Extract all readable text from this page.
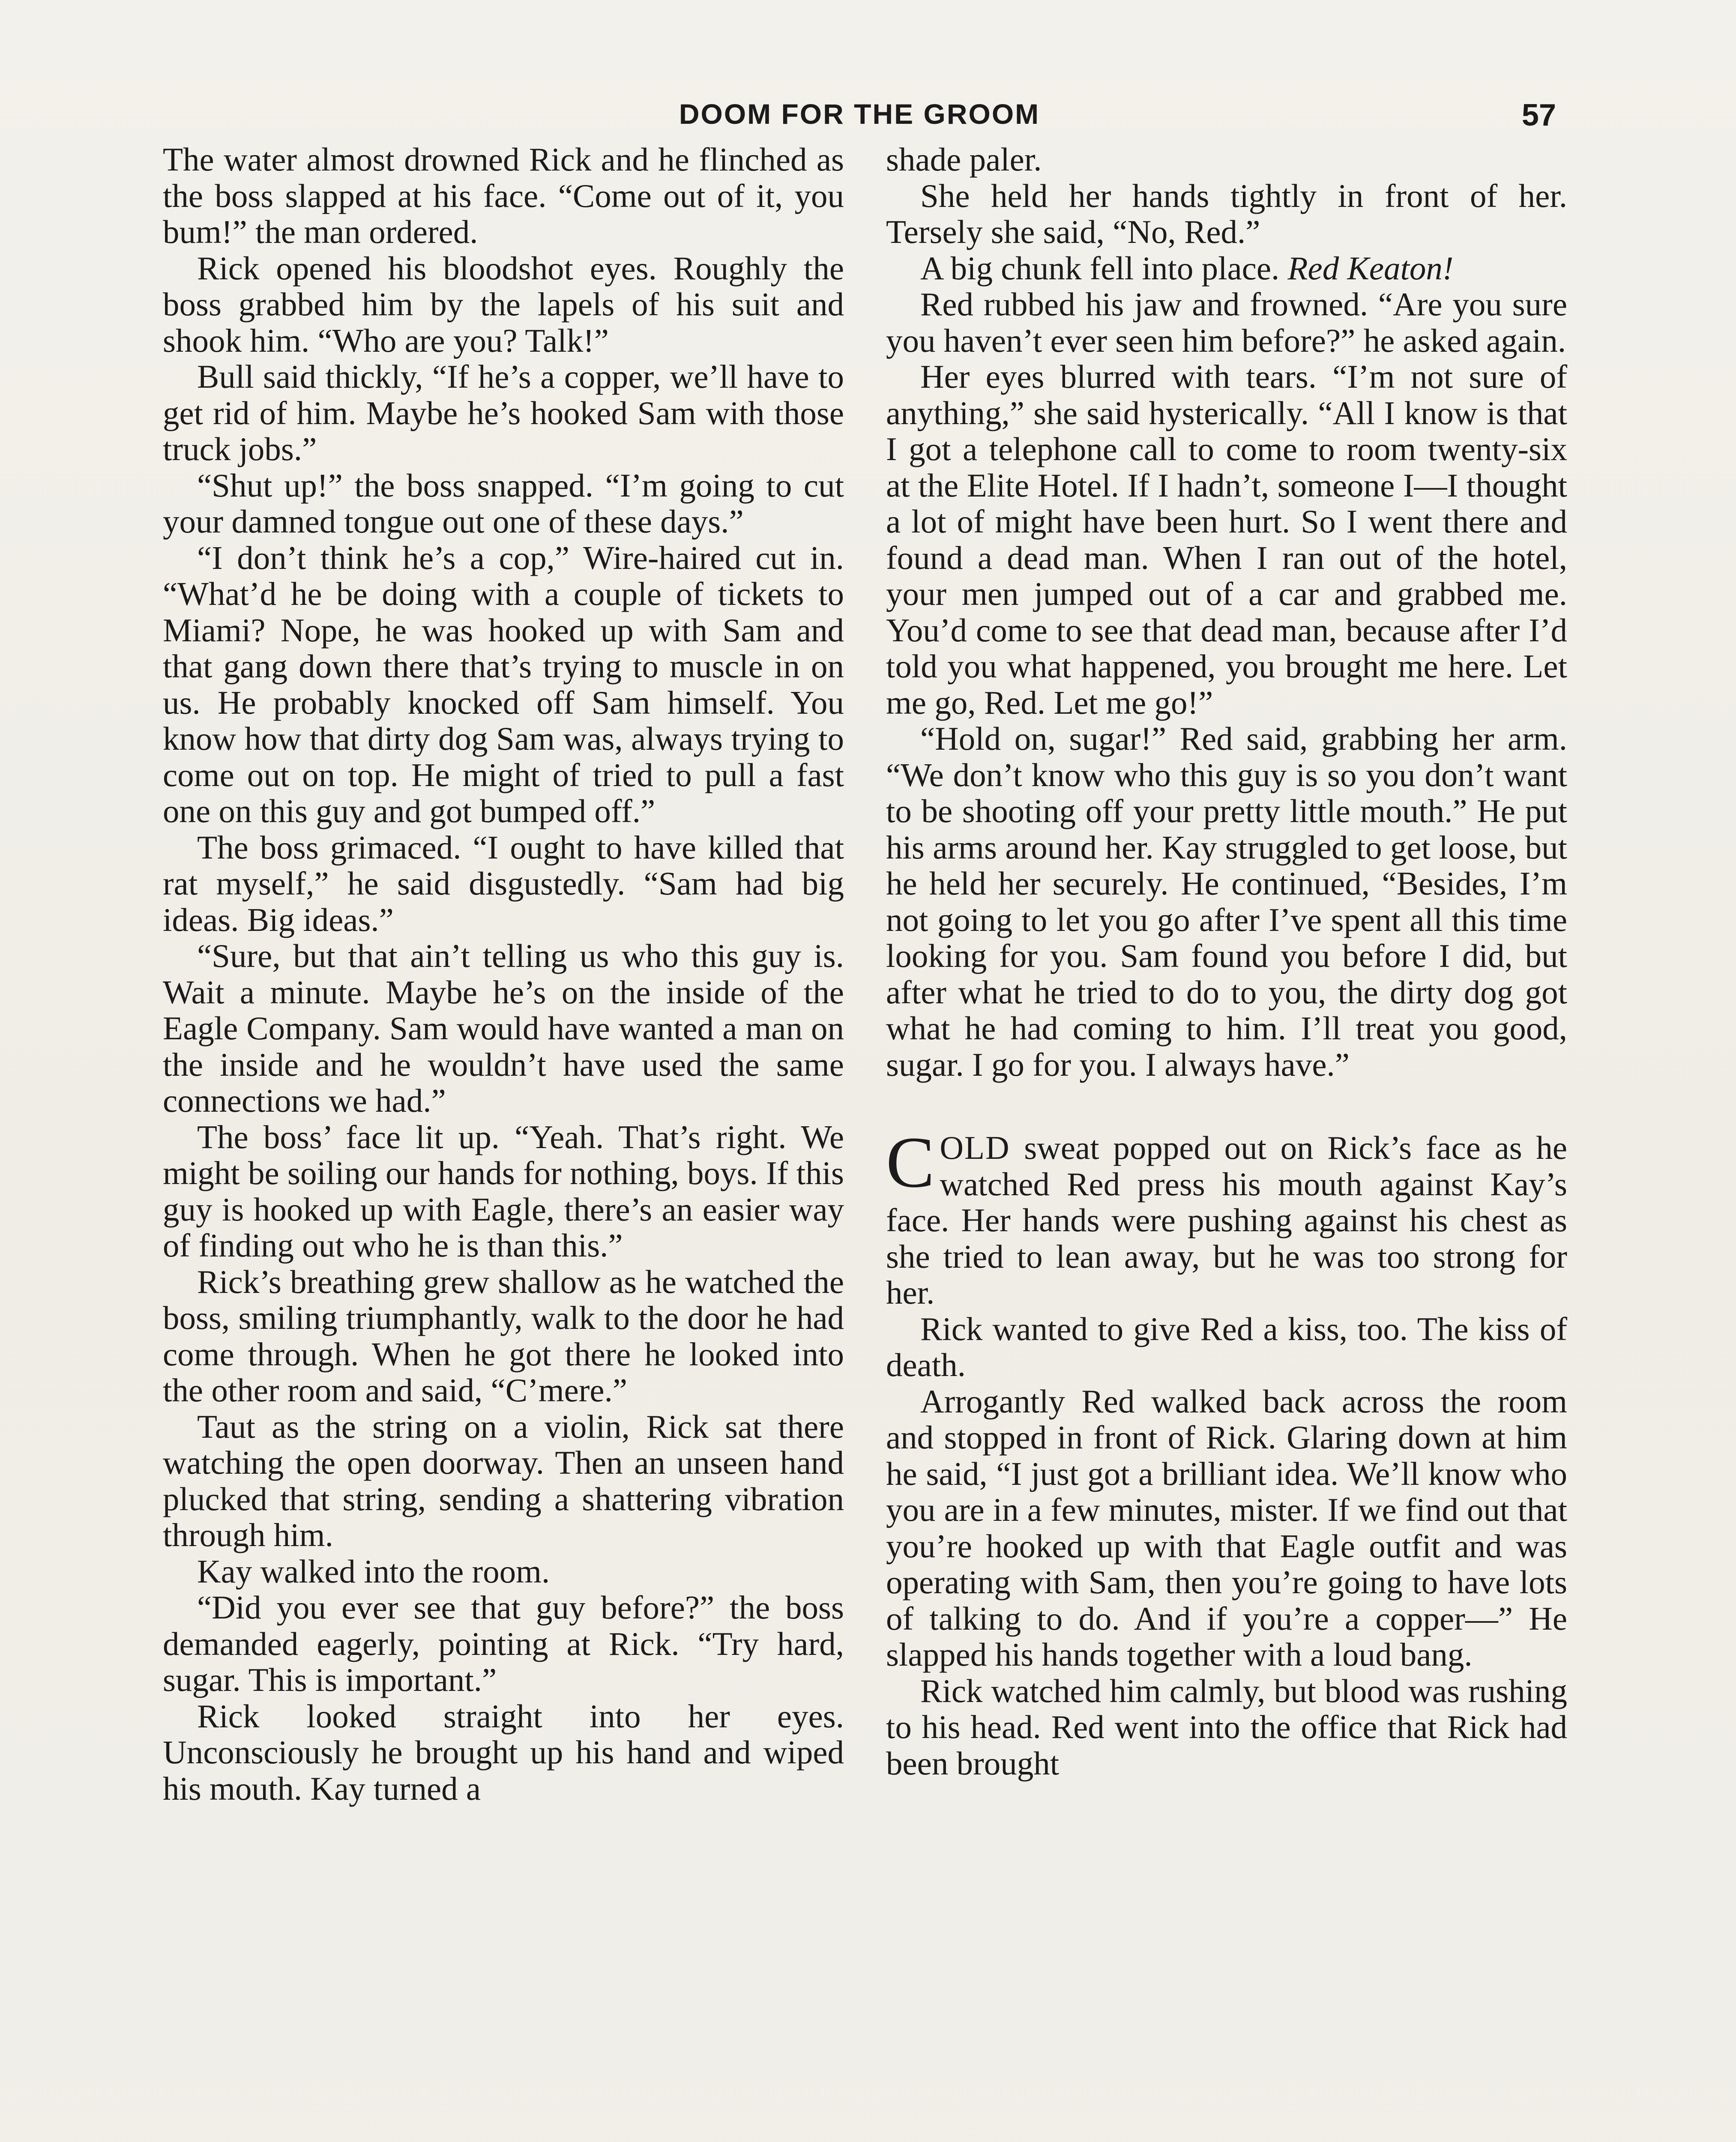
DOOM FOR THE GROOM	57

The water almost drowned Rick and he flinched as the boss slapped at his face. “Come out of it, you bum!” the man ordered.

Rick opened his bloodshot eyes. Roughly the boss grabbed him by the lapels of his suit and shook him. “Who are you? Talk!”

Bull said thickly, “If he’s a copper, we’ll have to get rid of him. Maybe he’s hooked Sam with those truck jobs.”

“Shut up!” the boss snapped. “I’m going to cut your damned tongue out one of these days.”

“I don’t think he’s a cop,” Wire-haired cut in. “What’d he be doing with a couple of tickets to Miami? Nope, he was hooked up with Sam and that gang down there that’s trying to muscle in on us. He probably knocked off Sam himself. You know how that dirty dog Sam was, always trying to come out on top. He might of tried to pull a fast one on this guy and got bumped off.”

The boss grimaced. “I ought to have killed that rat myself,” he said disgustedly. “Sam had big ideas. Big ideas.”

“Sure, but that ain’t telling us who this guy is. Wait a minute. Maybe he’s on the inside of the Eagle Company. Sam would have wanted a man on the inside and he wouldn’t have used the same connections we had.”

The boss’ face lit up. “Yeah. That’s right. We might be soiling our hands for nothing, boys. If this guy is hooked up with Eagle, there’s an easier way of finding out who he is than this.”

Rick’s breathing grew shallow as he watched the boss, smiling triumphantly, walk to the door he had come through. When he got there he looked into the other room and said, “C’mere.”

Taut as the string on a violin, Rick sat there watching the open doorway. Then an unseen hand plucked that string, sending a shattering vibration through him.

Kay walked into the room.

“Did you ever see that guy before?” the boss demanded eagerly, pointing at Rick. “Try hard, sugar. This is important.”

Rick looked straight into her eyes. Unconsciously he brought up his hand and wiped his mouth. Kay turned a

shade paler.

She held her hands tightly in front of her. Tersely she said, “No, Red.”

A big chunk fell into place. Red Keaton!

Red rubbed his jaw and frowned. “Are you sure you haven’t ever seen him before?” he asked again.

Her eyes blurred with tears. “I’m not sure of anything,” she said hysterically. “All I know is that I got a telephone call to come to room twenty-six at the Elite Hotel. If I hadn’t, someone I—I thought a lot of might have been hurt. So I went there and found a dead man. When I ran out of the hotel, your men jumped out of a car and grabbed me. You’d come to see that dead man, because after I’d told you what happened, you brought me here. Let me go, Red. Let me go!”

“Hold on, sugar!” Red said, grabbing her arm. “We don’t know who this guy is so you don’t want to be shooting off your pretty little mouth.” He put his arms around her. Kay struggled to get loose, but he held her securely. He continued, “Besides, I’m not going to let you go after I’ve spent all this time looking for you. Sam found you before I did, but after what he tried to do to you, the dirty dog got what he had coming to him. I’ll treat you good, sugar. I go for you. I always have.”

COLD sweat popped out on Rick’s face as he watched Red press his mouth against Kay’s face. Her hands were pushing against his chest as she tried to lean away, but he was too strong for her.

Rick wanted to give Red a kiss, too. The kiss of death.

Arrogantly Red walked back across the room and stopped in front of Rick. Glaring down at him he said, “I just got a brilliant idea. We’ll know who you are in a few minutes, mister. If we find out that you’re hooked up with that Eagle outfit and was operating with Sam, then you’re going to have lots of talking to do. And if you’re a copper—” He slapped his hands together with a loud bang.

Rick watched him calmly, but blood was rushing to his head. Red went into the office that Rick had been brought
